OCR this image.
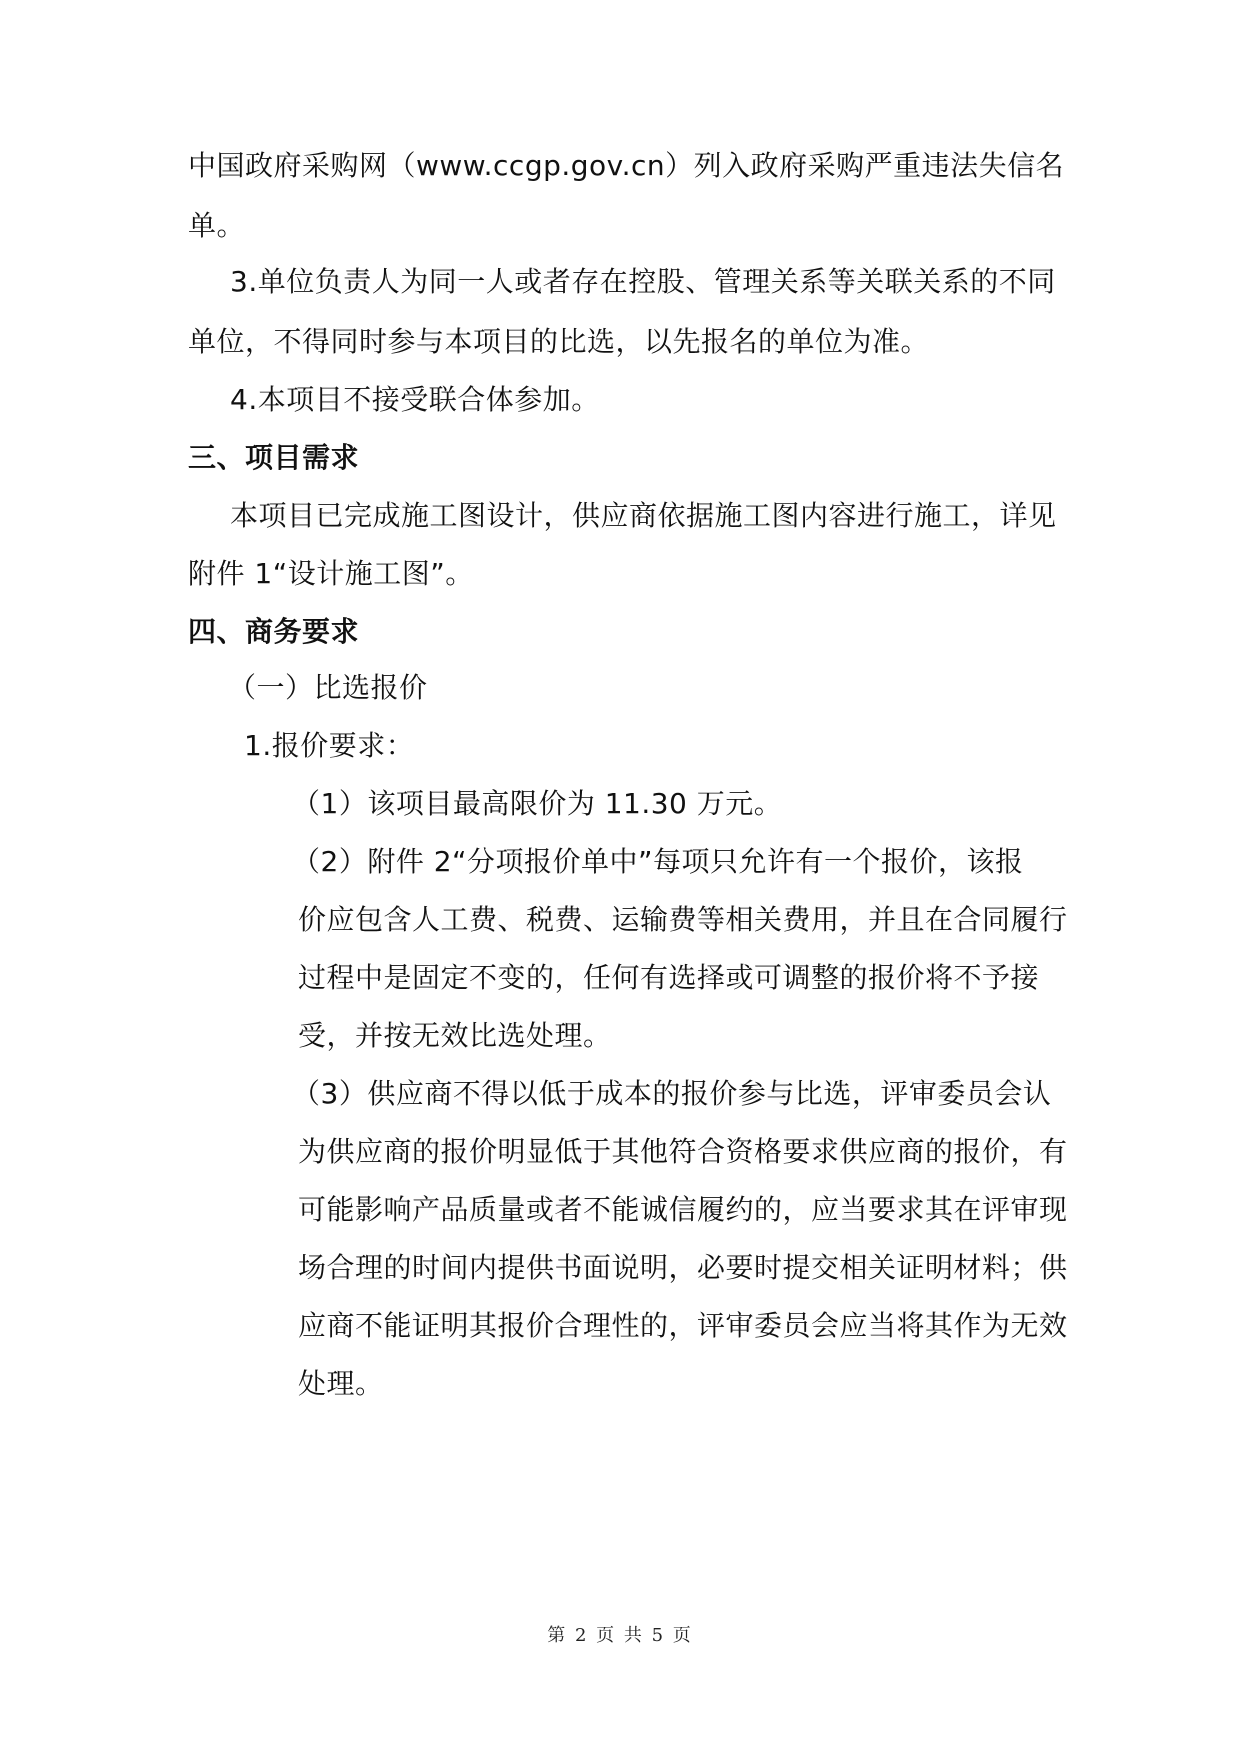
中国政府采购网（www.ccgp.gov.cn）列入政府采购严重违法失信名
单。
3.单位负责人为同一人或者存在控股、管理关系等关联关系的不同
单位，不得同时参与本项目的比选，以先报名的单位为准。
4.本项目不接受联合体参加。
三、项目需求
本项目已完成施工图设计，供应商依据施工图内容进行施工，详见
附件 1“设计施工图”。
四、商务要求
（一）比选报价
1.报价要求：
（1）该项目最高限价为 11.30 万元。
（2）附件 2“分项报价单中”每项只允许有一个报价，该报
价应包含人工费、税费、运输费等相关费用，并且在合同履行
过程中是固定不变的，任何有选择或可调整的报价将不予接
受，并按无效比选处理。
（3）供应商不得以低于成本的报价参与比选，评审委员会认
为供应商的报价明显低于其他符合资格要求供应商的报价，有
可能影响产品质量或者不能诚信履约的，应当要求其在评审现
场合理的时间内提供书面说明，必要时提交相关证明材料；供
应商不能证明其报价合理性的，评审委员会应当将其作为无效
处理。
第 2 页 共 5 页
